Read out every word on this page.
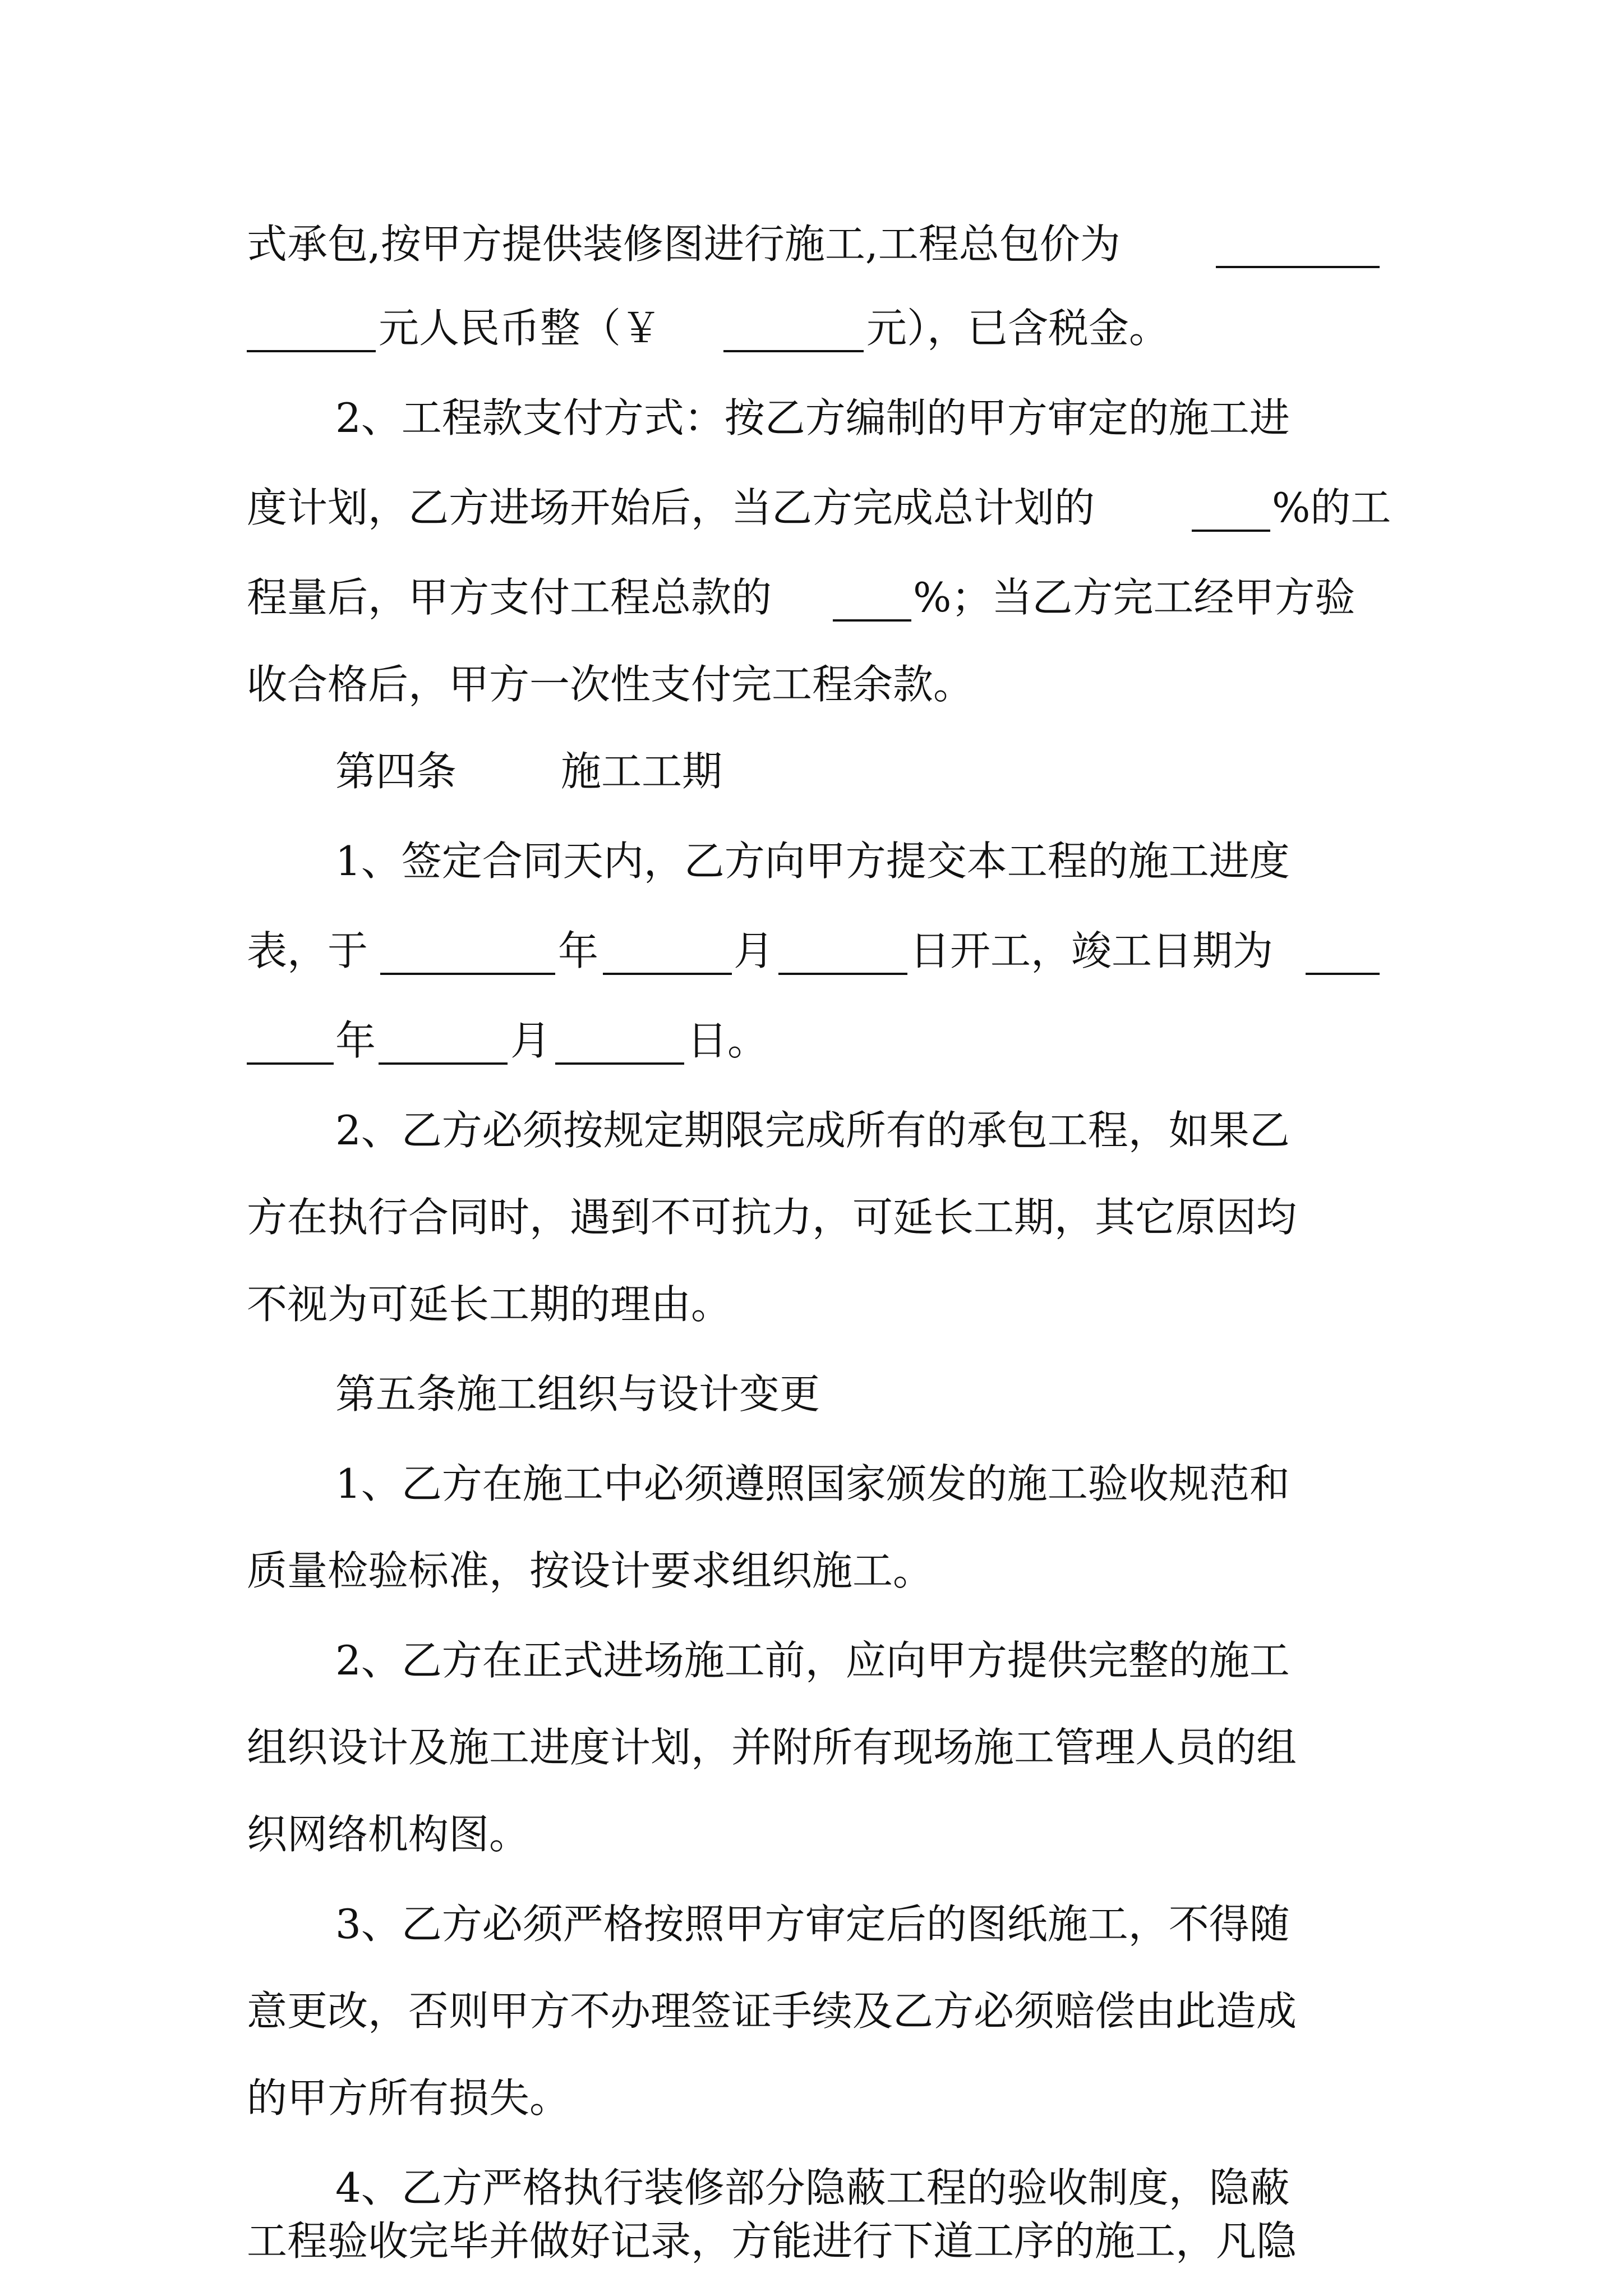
式承包,按甲方提供装修图进行施工,工程总包价为
元人民币整（￥	元），已含税金。
2、工程款支付方式：按乙方编制的甲方审定的施工进
度计划，乙方进场开始后，当乙方完成总计划的	%的工
程量后，甲方支付工程总款的	%；当乙方完工经甲方验
收合格后，甲方一次性支付完工程余款。
第四条	施工工期
1、签定合同天内，乙方向甲方提交本工程的施工进度
表，于	年	月	日开工，竣工日期为
年	月	日。
2、乙方必须按规定期限完成所有的承包工程，如果乙
方在执行合同时，遇到不可抗力，可延长工期，其它原因均
不视为可延长工期的理由。
第五条施工组织与设计变更
1、乙方在施工中必须遵照国家颁发的施工验收规范和
质量检验标准，按设计要求组织施工。
2、乙方在正式进场施工前，应向甲方提供完整的施工
组织设计及施工进度计划，并附所有现场施工管理人员的组
织网络机构图。
3、乙方必须严格按照甲方审定后的图纸施工，不得随
意更改，否则甲方不办理签证手续及乙方必须赔偿由此造成
的甲方所有损失。
4、乙方严格执行装修部分隐蔽工程的验收制度，隐蔽
工程验收完毕并做好记录，方能进行下道工序的施工，凡隐
